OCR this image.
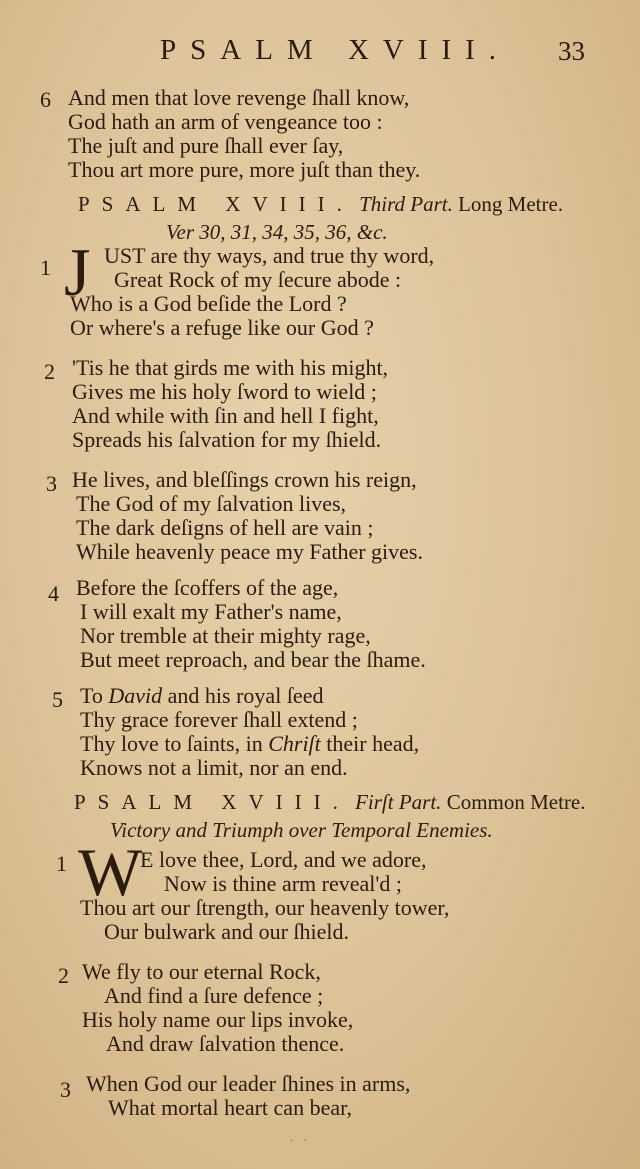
PSALM XVIII. 33
6 And men that love revenge ſhall know,
God hath an arm of vengeance too :
The juſt and pure ſhall ever ſay,
Thou art more pure, more juſt than they.
PSALM XVIII. Third Part. Long Metre.
Ver 30, 31, 34, 35, 36, &c.
1 J UST are thy ways, and true thy word,
Great Rock of my ſecure abode :
Who is a God beſide the Lord ?
Or where's a refuge like our God ?
2 'Tis he that girds me with his might,
Gives me his holy ſword to wield ;
And while with ſin and hell I fight,
Spreads his ſalvation for my ſhield.
3 He lives, and bleſſings crown his reign,
The God of my ſalvation lives,
The dark deſigns of hell are vain ;
While heavenly peace my Father gives.
4 Before the ſcoffers of the age,
I will exalt my Father's name,
Nor tremble at their mighty rage,
But meet reproach, and bear the ſhame.
5 To David and his royal ſeed
Thy grace forever ſhall extend ;
Thy love to ſaints, in Chriſt their head,
Knows not a limit, nor an end.
PSALM XVIII. Firſt Part. Common Metre.
Victory and Triumph over Temporal Enemies.
1 W
E love thee, Lord, and we adore,
Now is thine arm reveal'd ;
Thou art our ſtrength, our heavenly tower,
Our bulwark and our ſhield.
2 We fly to our eternal Rock,
And find a ſure defence ;
His holy name our lips invoke,
And draw ſalvation thence.
3 When God our leader ſhines in arms,
What mortal heart can bear,
. .
